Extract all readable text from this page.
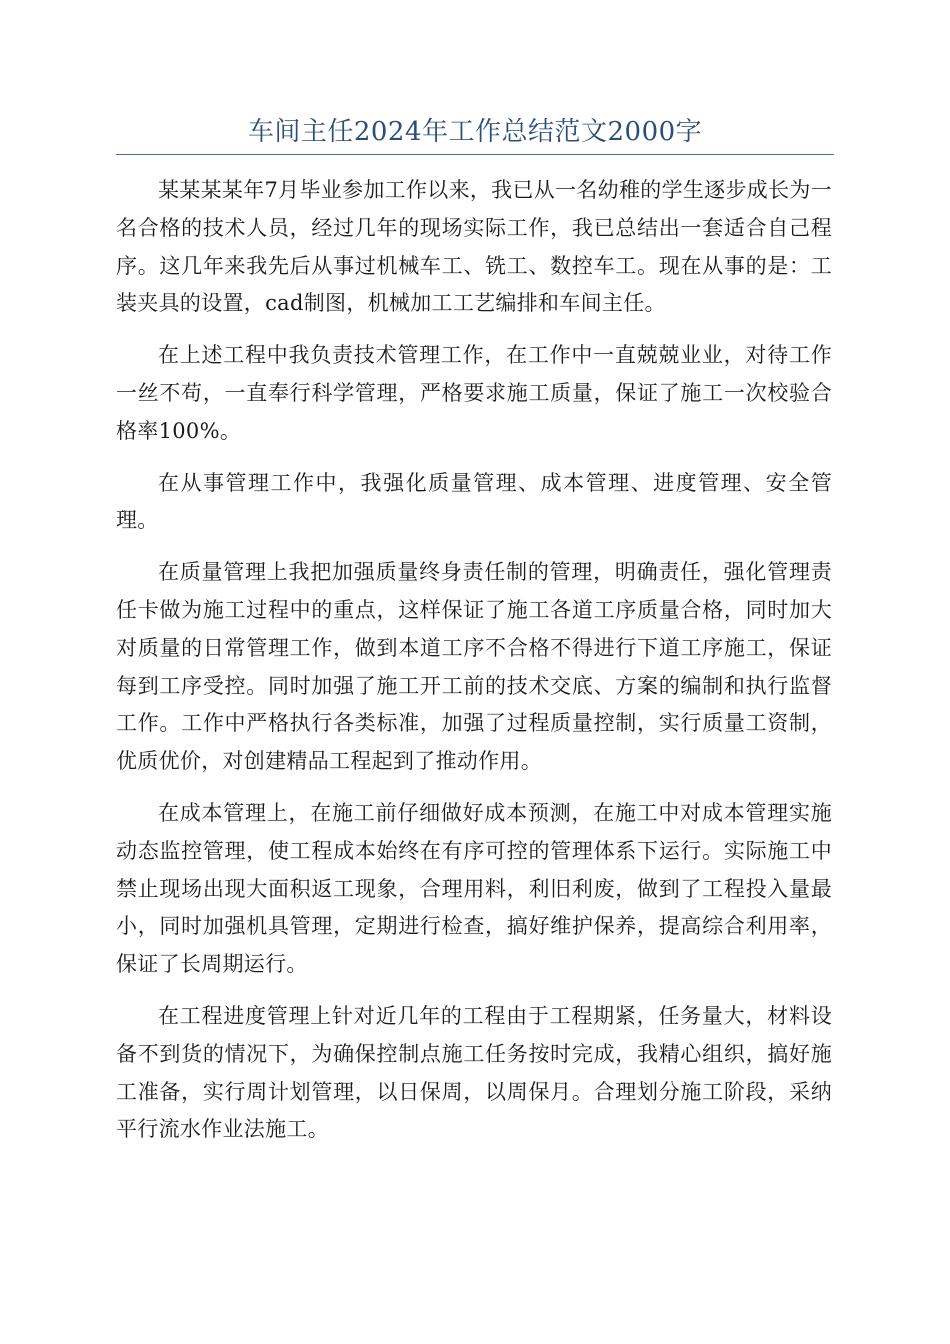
车间主任2024年工作总结范文2000字

某某某某年7月毕业参加工作以来，我已从一名幼稚的学生逐步成长为一名合格的技术人员，经过几年的现场实际工作，我已总结出一套适合自己程序。这几年来我先后从事过机械车工、铣工、数控车工。现在从事的是：工装夹具的设置，cad制图，机械加工工艺编排和车间主任。

在上述工程中我负责技术管理工作，在工作中一直兢兢业业，对待工作一丝不苟，一直奉行科学管理，严格要求施工质量，保证了施工一次校验合格率100%。

在从事管理工作中，我强化质量管理、成本管理、进度管理、安全管理。

在质量管理上我把加强质量终身责任制的管理，明确责任，强化管理责任卡做为施工过程中的重点，这样保证了施工各道工序质量合格，同时加大对质量的日常管理工作，做到本道工序不合格不得进行下道工序施工，保证每到工序受控。同时加强了施工开工前的技术交底、方案的编制和执行监督工作。工作中严格执行各类标准，加强了过程质量控制，实行质量工资制，优质优价，对创建精品工程起到了推动作用。

在成本管理上，在施工前仔细做好成本预测，在施工中对成本管理实施动态监控管理，使工程成本始终在有序可控的管理体系下运行。实际施工中禁止现场出现大面积返工现象，合理用料，利旧利废，做到了工程投入量最小，同时加强机具管理，定期进行检查，搞好维护保养，提高综合利用率，保证了长周期运行。

在工程进度管理上针对近几年的工程由于工程期紧，任务量大，材料设备不到货的情况下，为确保控制点施工任务按时完成，我精心组织，搞好施工准备，实行周计划管理，以日保周，以周保月。合理划分施工阶段，采纳平行流水作业法施工。
